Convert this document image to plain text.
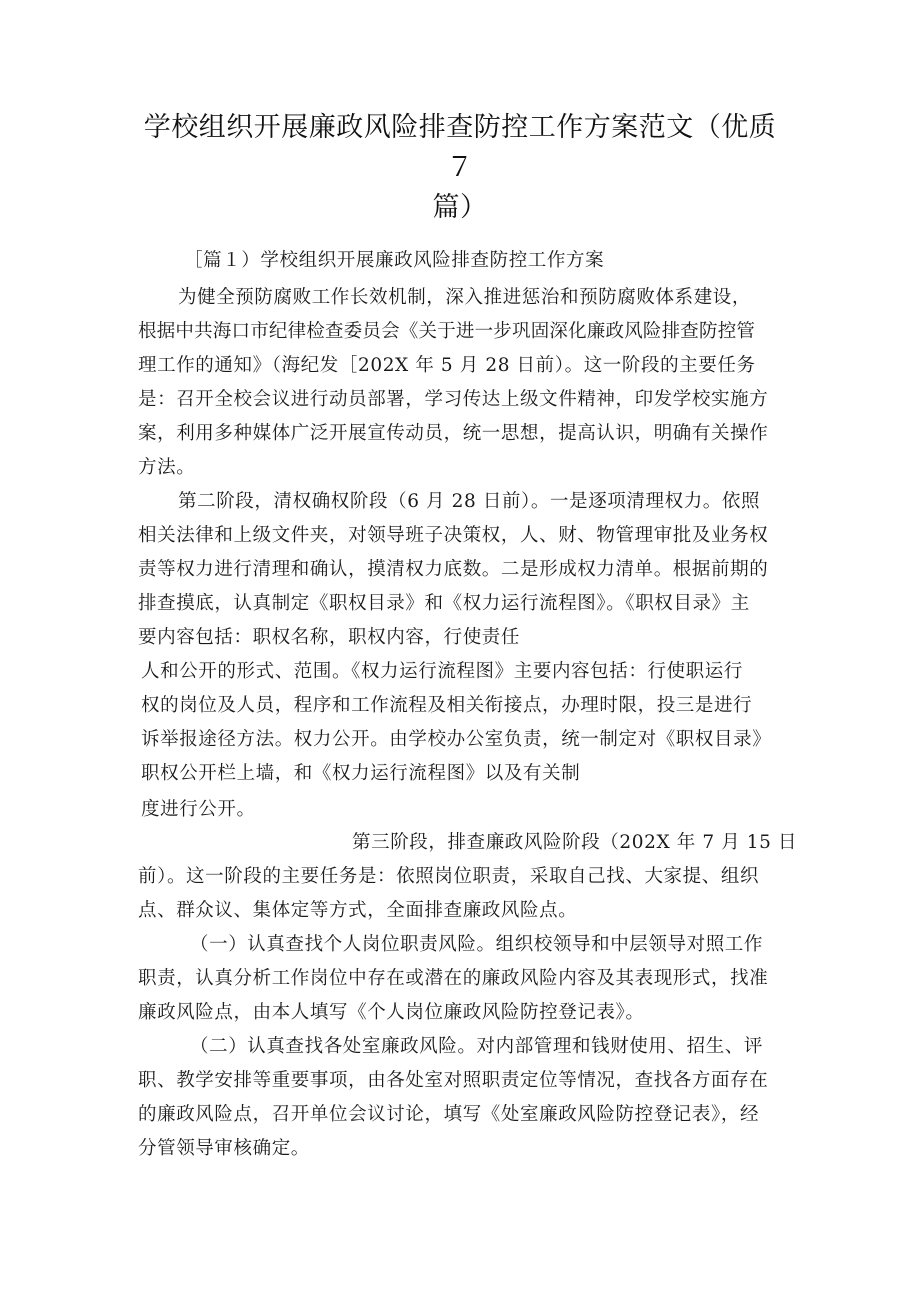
学校组织开展廉政风险排查防控工作方案范文（优质７
篇）
［篇１）学校组织开展廉政风险排查防控工作方案
为健全预防腐败工作长效机制，深入推进惩治和预防腐败体系建设，
根据中共海口市纪律检查委员会《关于进一步巩固深化廉政风险排查防控管
理工作的通知》（海纪发［202X 年 5 月 28 日前）。这一阶段的主要任务
是：召开全校会议进行动员部署，学习传达上级文件精神，印发学校实施方
案，利用多种媒体广泛开展宣传动员，统一思想，提高认识，明确有关操作
方法。
第二阶段，清权确权阶段（6 月 28 日前）。一是逐项清理权力。依照
相关法律和上级文件夹，对领导班子决策权，人、财、物管理审批及业务权
责等权力进行清理和确认，摸清权力底数。二是形成权力清单。根据前期的
排查摸底，认真制定《职权目录》和《权力运行流程图》。《职权目录》主
要内容包括：职权名称，职权内容，行使责任
人和公开的形式、范围。《权力运行流程图》主要内容包括：行使职运行
权的岗位及人员，程序和工作流程及相关衔接点，办理时限，投三是进行
诉举报途径方法。权力公开。由学校办公室负责，统一制定对《职权目录》
职权公开栏上墙，和《权力运行流程图》以及有关制
度进行公开。
第三阶段，排查廉政风险阶段（202X 年 7 月 15 日
前）。这一阶段的主要任务是：依照岗位职责，采取自己找、大家提、组织
点、群众议、集体定等方式，全面排查廉政风险点。
（一）认真查找个人岗位职责风险。组织校领导和中层领导对照工作
职责，认真分析工作岗位中存在或潜在的廉政风险内容及其表现形式，找准
廉政风险点，由本人填写《个人岗位廉政风险防控登记表》。
（二）认真查找各处室廉政风险。对内部管理和钱财使用、招生、评
职、教学安排等重要事项，由各处室对照职责定位等情况，查找各方面存在
的廉政风险点，召开单位会议讨论，填写《处室廉政风险防控登记表》，经
分管领导审核确定。
